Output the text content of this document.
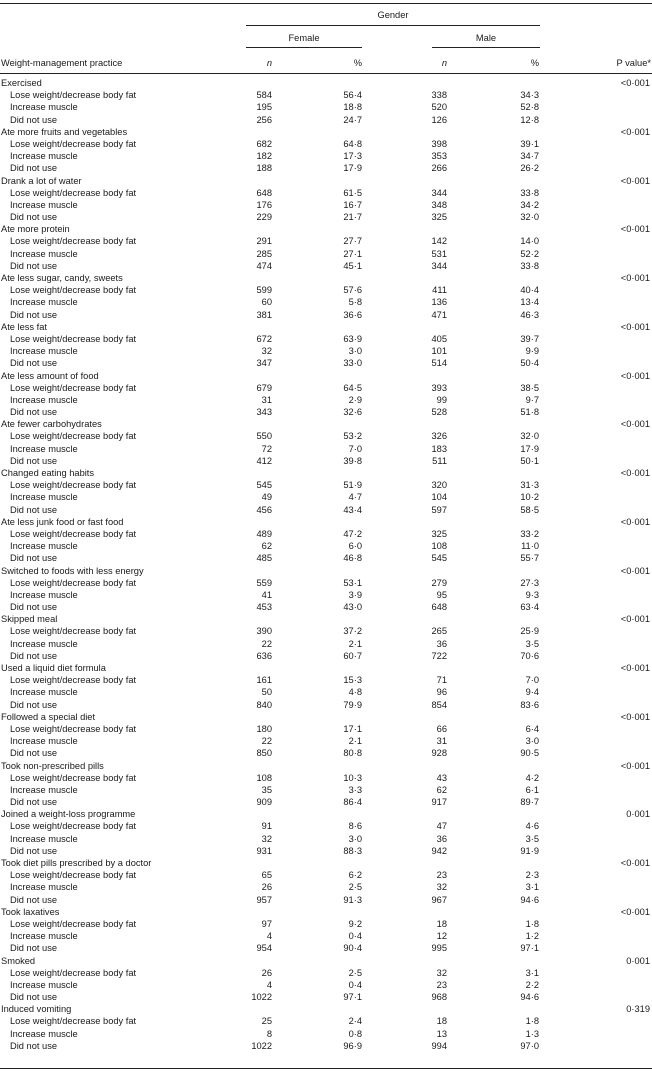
Gender
Female	Male
Weight-management practice	n	%	n	%	P value*
Exercised	<0·001
Lose weight/decrease body fat	584	56·4	338	34·3
Increase muscle	195	18·8	520	52·8
Did not use	256	24·7	126	12·8
Ate more fruits and vegetables	<0·001
Lose weight/decrease body fat	682	64·8	398	39·1
Increase muscle	182	17·3	353	34·7
Did not use	188	17·9	266	26·2
Drank a lot of water	<0·001
Lose weight/decrease body fat	648	61·5	344	33·8
Increase muscle	176	16·7	348	34·2
Did not use	229	21·7	325	32·0
Ate more protein	<0·001
Lose weight/decrease body fat	291	27·7	142	14·0
Increase muscle	285	27·1	531	52·2
Did not use	474	45·1	344	33·8
Ate less sugar, candy, sweets	<0·001
Lose weight/decrease body fat	599	57·6	411	40·4
Increase muscle	60	5·8	136	13·4
Did not use	381	36·6	471	46·3
Ate less fat	<0·001
Lose weight/decrease body fat	672	63·9	405	39·7
Increase muscle	32	3·0	101	9·9
Did not use	347	33·0	514	50·4
Ate less amount of food	<0·001
Lose weight/decrease body fat	679	64·5	393	38·5
Increase muscle	31	2·9	99	9·7
Did not use	343	32·6	528	51·8
Ate fewer carbohydrates	<0·001
Lose weight/decrease body fat	550	53·2	326	32·0
Increase muscle	72	7·0	183	17·9
Did not use	412	39·8	511	50·1
Changed eating habits	<0·001
Lose weight/decrease body fat	545	51·9	320	31·3
Increase muscle	49	4·7	104	10·2
Did not use	456	43·4	597	58·5
Ate less junk food or fast food	<0·001
Lose weight/decrease body fat	489	47·2	325	33·2
Increase muscle	62	6·0	108	11·0
Did not use	485	46·8	545	55·7
Switched to foods with less energy	<0·001
Lose weight/decrease body fat	559	53·1	279	27·3
Increase muscle	41	3·9	95	9·3
Did not use	453	43·0	648	63·4
Skipped meal	<0·001
Lose weight/decrease body fat	390	37·2	265	25·9
Increase muscle	22	2·1	36	3·5
Did not use	636	60·7	722	70·6
Used a liquid diet formula	<0·001
Lose weight/decrease body fat	161	15·3	71	7·0
Increase muscle	50	4·8	96	9·4
Did not use	840	79·9	854	83·6
Followed a special diet	<0·001
Lose weight/decrease body fat	180	17·1	66	6·4
Increase muscle	22	2·1	31	3·0
Did not use	850	80·8	928	90·5
Took non-prescribed pills	<0·001
Lose weight/decrease body fat	108	10·3	43	4·2
Increase muscle	35	3·3	62	6·1
Did not use	909	86·4	917	89·7
Joined a weight-loss programme	0·001
Lose weight/decrease body fat	91	8·6	47	4·6
Increase muscle	32	3·0	36	3·5
Did not use	931	88·3	942	91·9
Took diet pills prescribed by a doctor	<0·001
Lose weight/decrease body fat	65	6·2	23	2·3
Increase muscle	26	2·5	32	3·1
Did not use	957	91·3	967	94·6
Took laxatives	<0·001
Lose weight/decrease body fat	97	9·2	18	1·8
Increase muscle	4	0·4	12	1·2
Did not use	954	90·4	995	97·1
Smoked	0·001
Lose weight/decrease body fat	26	2·5	32	3·1
Increase muscle	4	0·4	23	2·2
Did not use	1022	97·1	968	94·6
Induced vomiting	0·319
Lose weight/decrease body fat	25	2·4	18	1·8
Increase muscle	8	0·8	13	1·3
Did not use	1022	96·9	994	97·0
